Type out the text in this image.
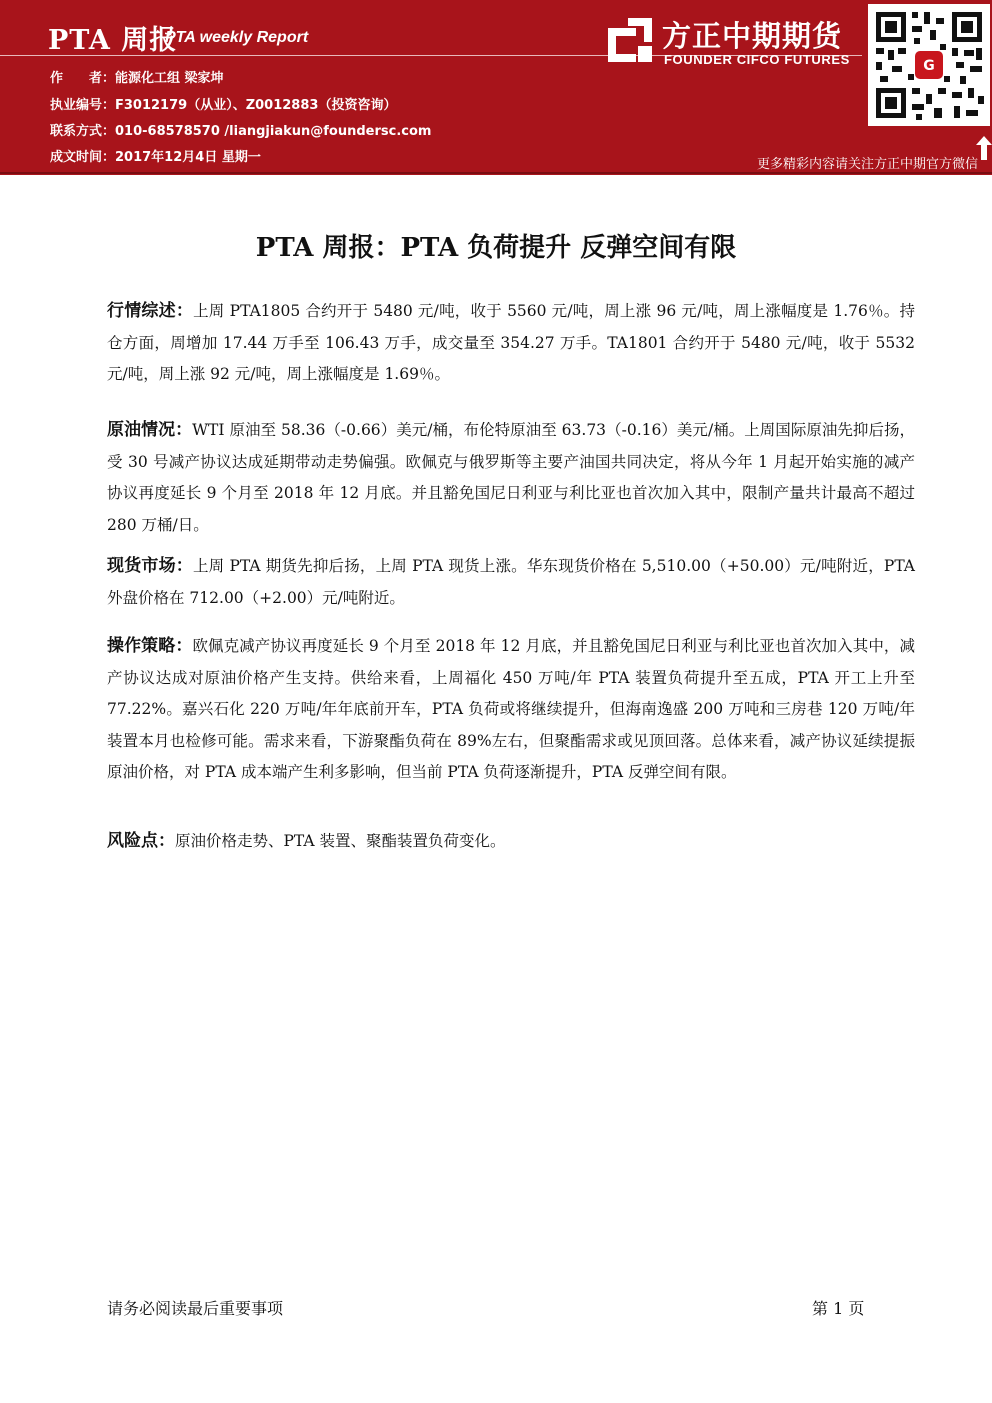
PTA 周报
PTA weekly Report
作　　者：能源化工组 梁家坤
执业编号：F3012179（从业）、Z0012883（投资咨询）
联系方式：010-68578570 /liangjiakun@foundersc.com
成文时间：2017年12月4日 星期一
方正中期期货
FOUNDER CIFCO FUTURES	G
更多精彩内容请关注方正中期官方微信
PTA 周报：PTA 负荷提升 反弹空间有限
行情综述：上周 PTA1805 合约开于 5480 元/吨，收于 5560 元/吨，周上涨 96 元/吨，周上涨幅度是 1.76％。持仓方面，周增加 17.44 万手至 106.43 万手，成交量至 354.27 万手。TA1801 合约开于 5480 元/吨，收于 5532 元/吨，周上涨 92 元/吨，周上涨幅度是 1.69％。
原油情况：WTI 原油至 58.36（-0.66）美元/桶，布伦特原油至 63.73（-0.16）美元/桶。上周国际原油先抑后扬，受 30 号减产协议达成延期带动走势偏强。欧佩克与俄罗斯等主要产油国共同决定，将从今年 1 月起开始实施的减产协议再度延长 9 个月至 2018 年 12 月底。并且豁免国尼日利亚与利比亚也首次加入其中，限制产量共计最高不超过 280 万桶/日。
现货市场：上周 PTA 期货先抑后扬，上周 PTA 现货上涨。华东现货价格在 5,510.00（+50.00）元/吨附近，PTA 外盘价格在 712.00（+2.00）元/吨附近。
操作策略：欧佩克减产协议再度延长 9 个月至 2018 年 12 月底，并且豁免国尼日利亚与利比亚也首次加入其中，减产协议达成对原油价格产生支持。供给来看，上周福化 450 万吨/年 PTA 装置负荷提升至五成，PTA 开工上升至 77.22%。嘉兴石化 220 万吨/年年底前开车，PTA 负荷或将继续提升，但海南逸盛 200 万吨和三房巷 120 万吨/年装置本月也检修可能。需求来看，下游聚酯负荷在 89%左右，但聚酯需求或见顶回落。总体来看，减产协议延续提振原油价格，对 PTA 成本端产生利多影响，但当前 PTA 负荷逐渐提升，PTA 反弹空间有限。
风险点：原油价格走势、PTA 装置、聚酯装置负荷变化。
请务必阅读最后重要事项	第 1 页
